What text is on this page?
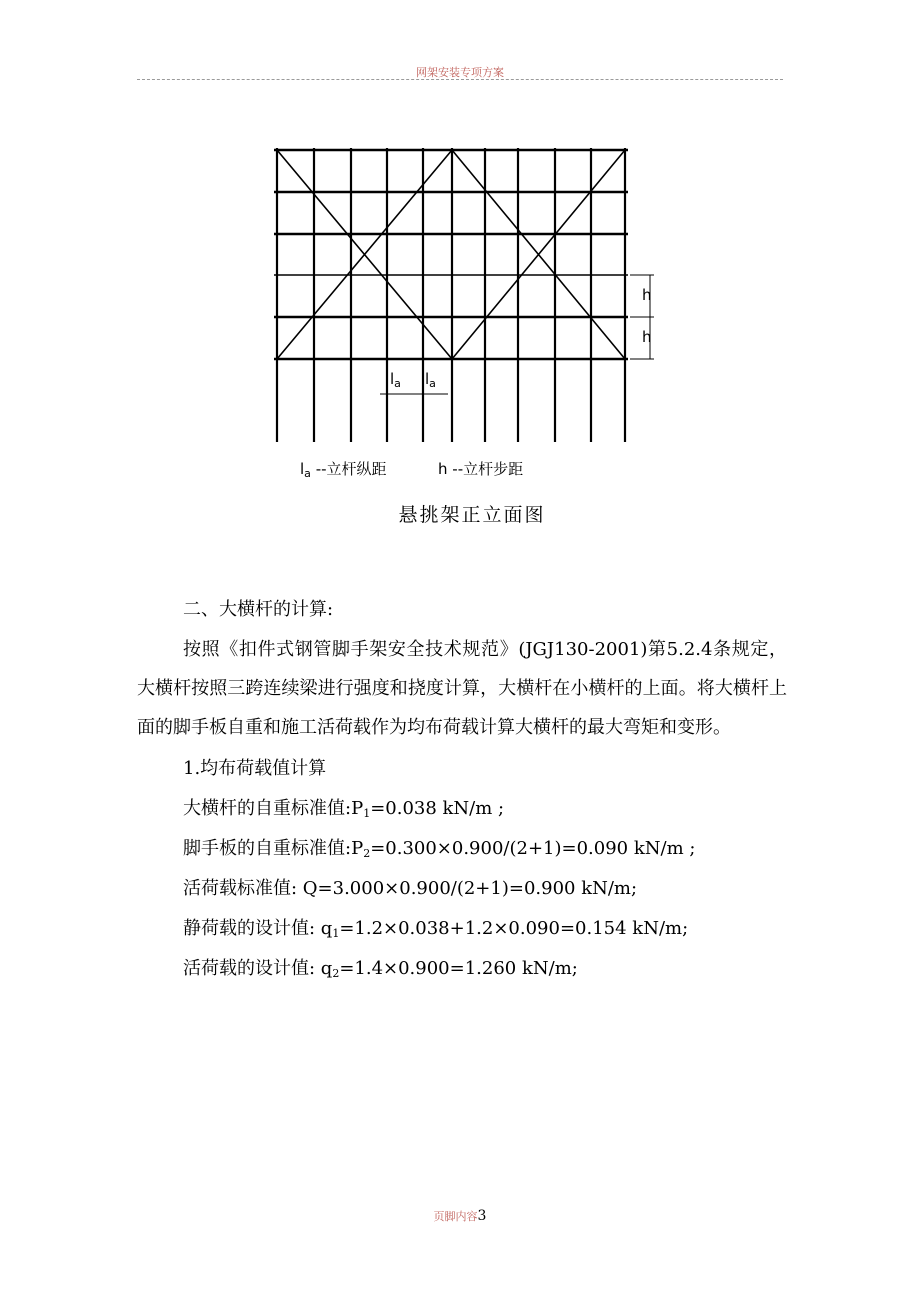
网架安装专项方案
h
h
$l_a$ $l_a$
$l_a$ --立杆纵距	h --立杆步距
悬挑架正立面图
二、大横杆的计算:

按照《扣件式钢管脚手架安全技术规范》(JGJ130-2001)第5.2.4条规定，大横杆按照三跨连续梁进行强度和挠度计算，大横杆在小横杆的上面。将大横杆上面的脚手板自重和施工活荷载作为均布荷载计算大横杆的最大弯矩和变形。

1.均布荷载值计算
大横杆的自重标准值$:P_1=0.038$ kN/m ;
脚手板的自重标准值$:P_2=0.300\times 0.900/(2+1)=0.090$ kN/m ;
活荷载标准值: Q=3.000×0.900/(2+1)=0.900 kN/m;
静荷载的设计值: $q_1=1.2\times 0.038+1.2\times 0.090=0.154$ kN/m;
活荷载的设计值: $q_2=1.4\times 0.900=1.260$ kN/m;
页脚内容3
